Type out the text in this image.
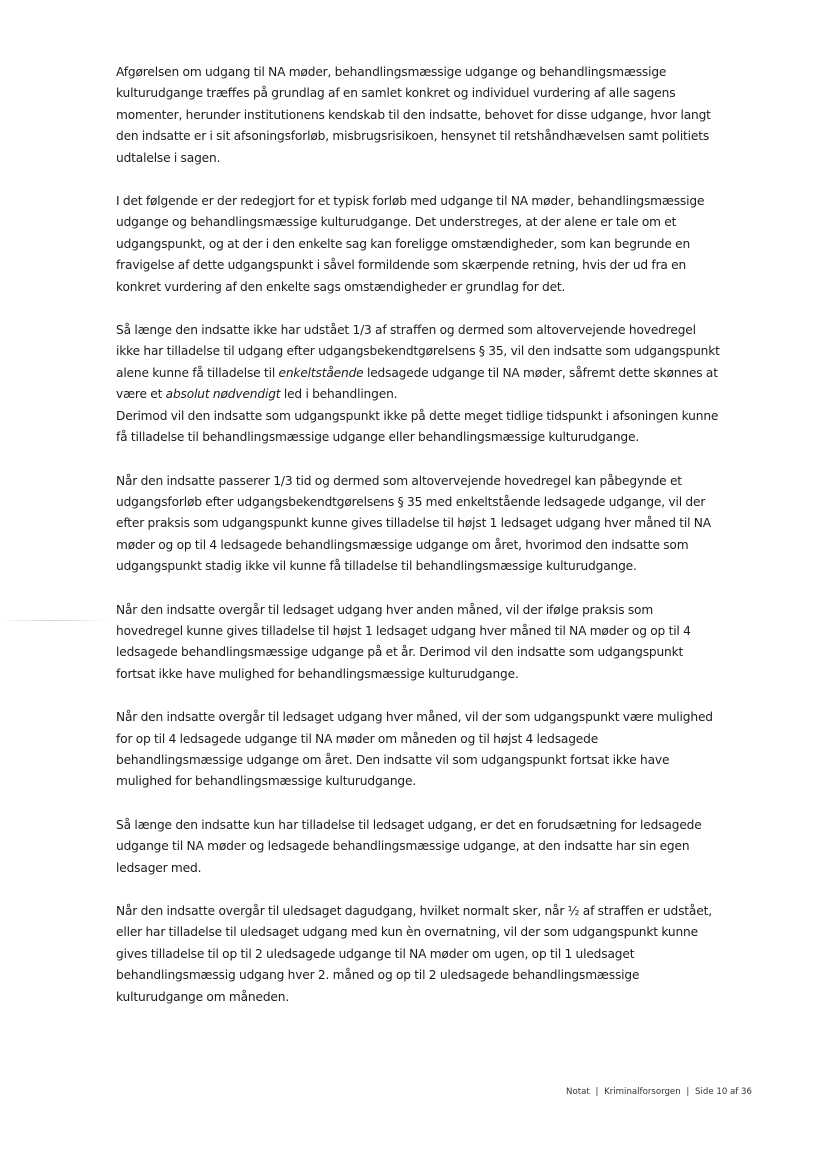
Afgørelsen om udgang til NA møder, behandlingsmæssige udgange og behandlingsmæssige kulturudgange træffes på grundlag af en samlet konkret og individuel vurdering af alle sagens momenter, herunder institutionens kendskab til den indsatte, behovet for disse udgange, hvor langt den indsatte er i sit afsoningsforløb, misbrugsrisikoen, hensynet til retshåndhævelsen samt politiets udtalelse i sagen.

I det følgende er der redegjort for et typisk forløb med udgange til NA møder, behandlingsmæssige udgange og behandlingsmæssige kulturudgange. Det understreges, at der alene er tale om et udgangspunkt, og at der i den enkelte sag kan foreligge omstændigheder, som kan begrunde en fravigelse af dette udgangspunkt i såvel formildende som skærpende retning, hvis der ud fra en konkret vurdering af den enkelte sags omstændigheder er grundlag for det.

Så længe den indsatte ikke har udstået 1/3 af straffen og dermed som altovervejende hovedregel ikke har tilladelse til udgang efter udgangsbekendtgørelsens § 35, vil den indsatte som udgangspunkt alene kunne få tilladelse til enkeltstående ledsagede udgange til NA møder, såfremt dette skønnes at være et absolut nødvendigt led i behandlingen.

Derimod vil den indsatte som udgangspunkt ikke på dette meget tidlige tidspunkt i afsoningen kunne få tilladelse til behandlingsmæssige udgange eller behandlingsmæssige kulturudgange.

Når den indsatte passerer 1/3 tid og dermed som altovervejende hovedregel kan påbegynde et udgangsforløb efter udgangsbekendtgørelsens § 35 med enkeltstående ledsagede udgange, vil der efter praksis som udgangspunkt kunne gives tilladelse til højst 1 ledsaget udgang hver måned til NA møder og op til 4 ledsagede behandlingsmæssige udgange om året, hvorimod den indsatte som udgangspunkt stadig ikke vil kunne få tilladelse til behandlingsmæssige kulturudgange.

Når den indsatte overgår til ledsaget udgang hver anden måned, vil der ifølge praksis som hovedregel kunne gives tilladelse til højst 1 ledsaget udgang hver måned til NA møder og op til 4 ledsagede behandlingsmæssige udgange på et år. Derimod vil den indsatte som udgangspunkt fortsat ikke have mulighed for behandlingsmæssige kulturudgange.

Når den indsatte overgår til ledsaget udgang hver måned, vil der som udgangspunkt være mulighed for op til 4 ledsagede udgange til NA møder om måneden og til højst 4 ledsagede behandlingsmæssige udgange om året. Den indsatte vil som udgangspunkt fortsat ikke have mulighed for behandlingsmæssige kulturudgange.

Så længe den indsatte kun har tilladelse til ledsaget udgang, er det en forudsætning for ledsagede udgange til NA møder og ledsagede behandlingsmæssige udgange, at den indsatte har sin egen ledsager med.

Når den indsatte overgår til uledsaget dagudgang, hvilket normalt sker, når ½ af straffen er udstået, eller har tilladelse til uledsaget udgang med kun èn overnatning, vil der som udgangspunkt kunne gives tilladelse til op til 2 uledsagede udgange til NA møder om ugen, op til 1 uledsaget behandlingsmæssig udgang hver 2. måned og op til 2 uledsagede behandlingsmæssige kulturudgange om måneden.

Notat | Kriminalforsorgen | Side 10 af 36
